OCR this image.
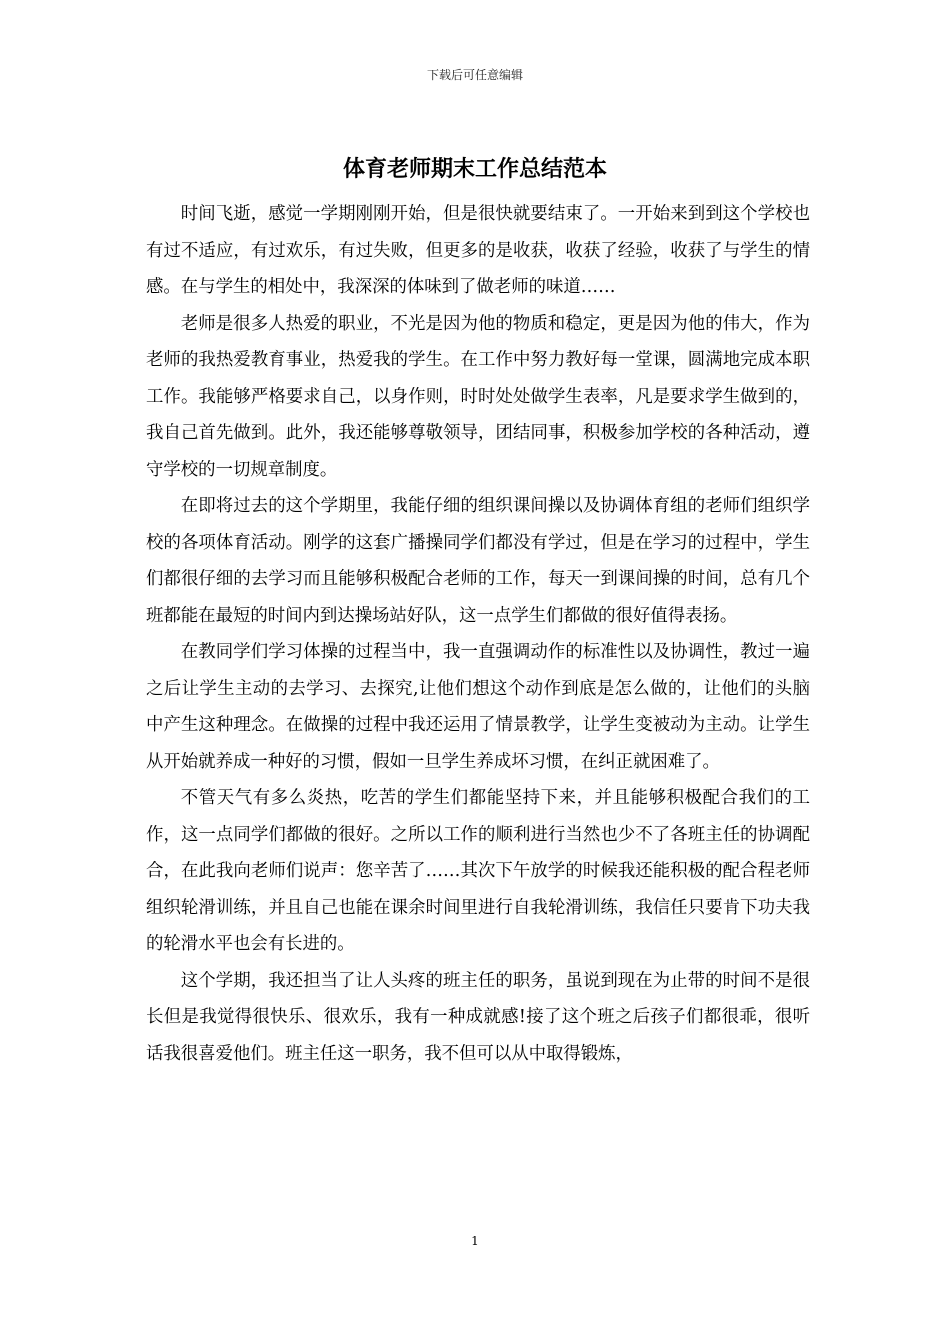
下载后可任意编辑
体育老师期末工作总结范本

时间飞逝，感觉一学期刚刚开始，但是很快就要结束了。一开始来到到这个学校也有过不适应，有过欢乐，有过失败，但更多的是收获，收获了经验，收获了与学生的情感。在与学生的相处中，我深深的体味到了做老师的味道……

老师是很多人热爱的职业，不光是因为他的物质和稳定，更是因为他的伟大，作为老师的我热爱教育事业，热爱我的学生。在工作中努力教好每一堂课，圆满地完成本职工作。我能够严格要求自己，以身作则，时时处处做学生表率，凡是要求学生做到的，我自己首先做到。此外，我还能够尊敬领导，团结同事，积极参加学校的各种活动，遵守学校的一切规章制度。

在即将过去的这个学期里，我能仔细的组织课间操以及协调体育组的老师们组织学校的各项体育活动。刚学的这套广播操同学们都没有学过，但是在学习的过程中，学生们都很仔细的去学习而且能够积极配合老师的工作，每天一到课间操的时间，总有几个班都能在最短的时间内到达操场站好队，这一点学生们都做的很好值得表扬。

在教同学们学习体操的过程当中，我一直强调动作的标准性以及协调性，教过一遍之后让学生主动的去学习、去探究,让他们想这个动作到底是怎么做的，让他们的头脑中产生这种理念。在做操的过程中我还运用了情景教学，让学生变被动为主动。让学生从开始就养成一种好的习惯，假如一旦学生养成坏习惯，在纠正就困难了。

不管天气有多么炎热，吃苦的学生们都能坚持下来，并且能够积极配合我们的工作，这一点同学们都做的很好。之所以工作的顺利进行当然也少不了各班主任的协调配合，在此我向老师们说声：您辛苦了……其次下午放学的时候我还能积极的配合程老师组织轮滑训练，并且自己也能在课余时间里进行自我轮滑训练，我信任只要肯下功夫我的轮滑水平也会有长进的。

这个学期，我还担当了让人头疼的班主任的职务，虽说到现在为止带的时间不是很长但是我觉得很快乐、很欢乐，我有一种成就感!接了这个班之后孩子们都很乖，很听话我很喜爱他们。班主任这一职务，我不但可以从中取得锻炼，

1
